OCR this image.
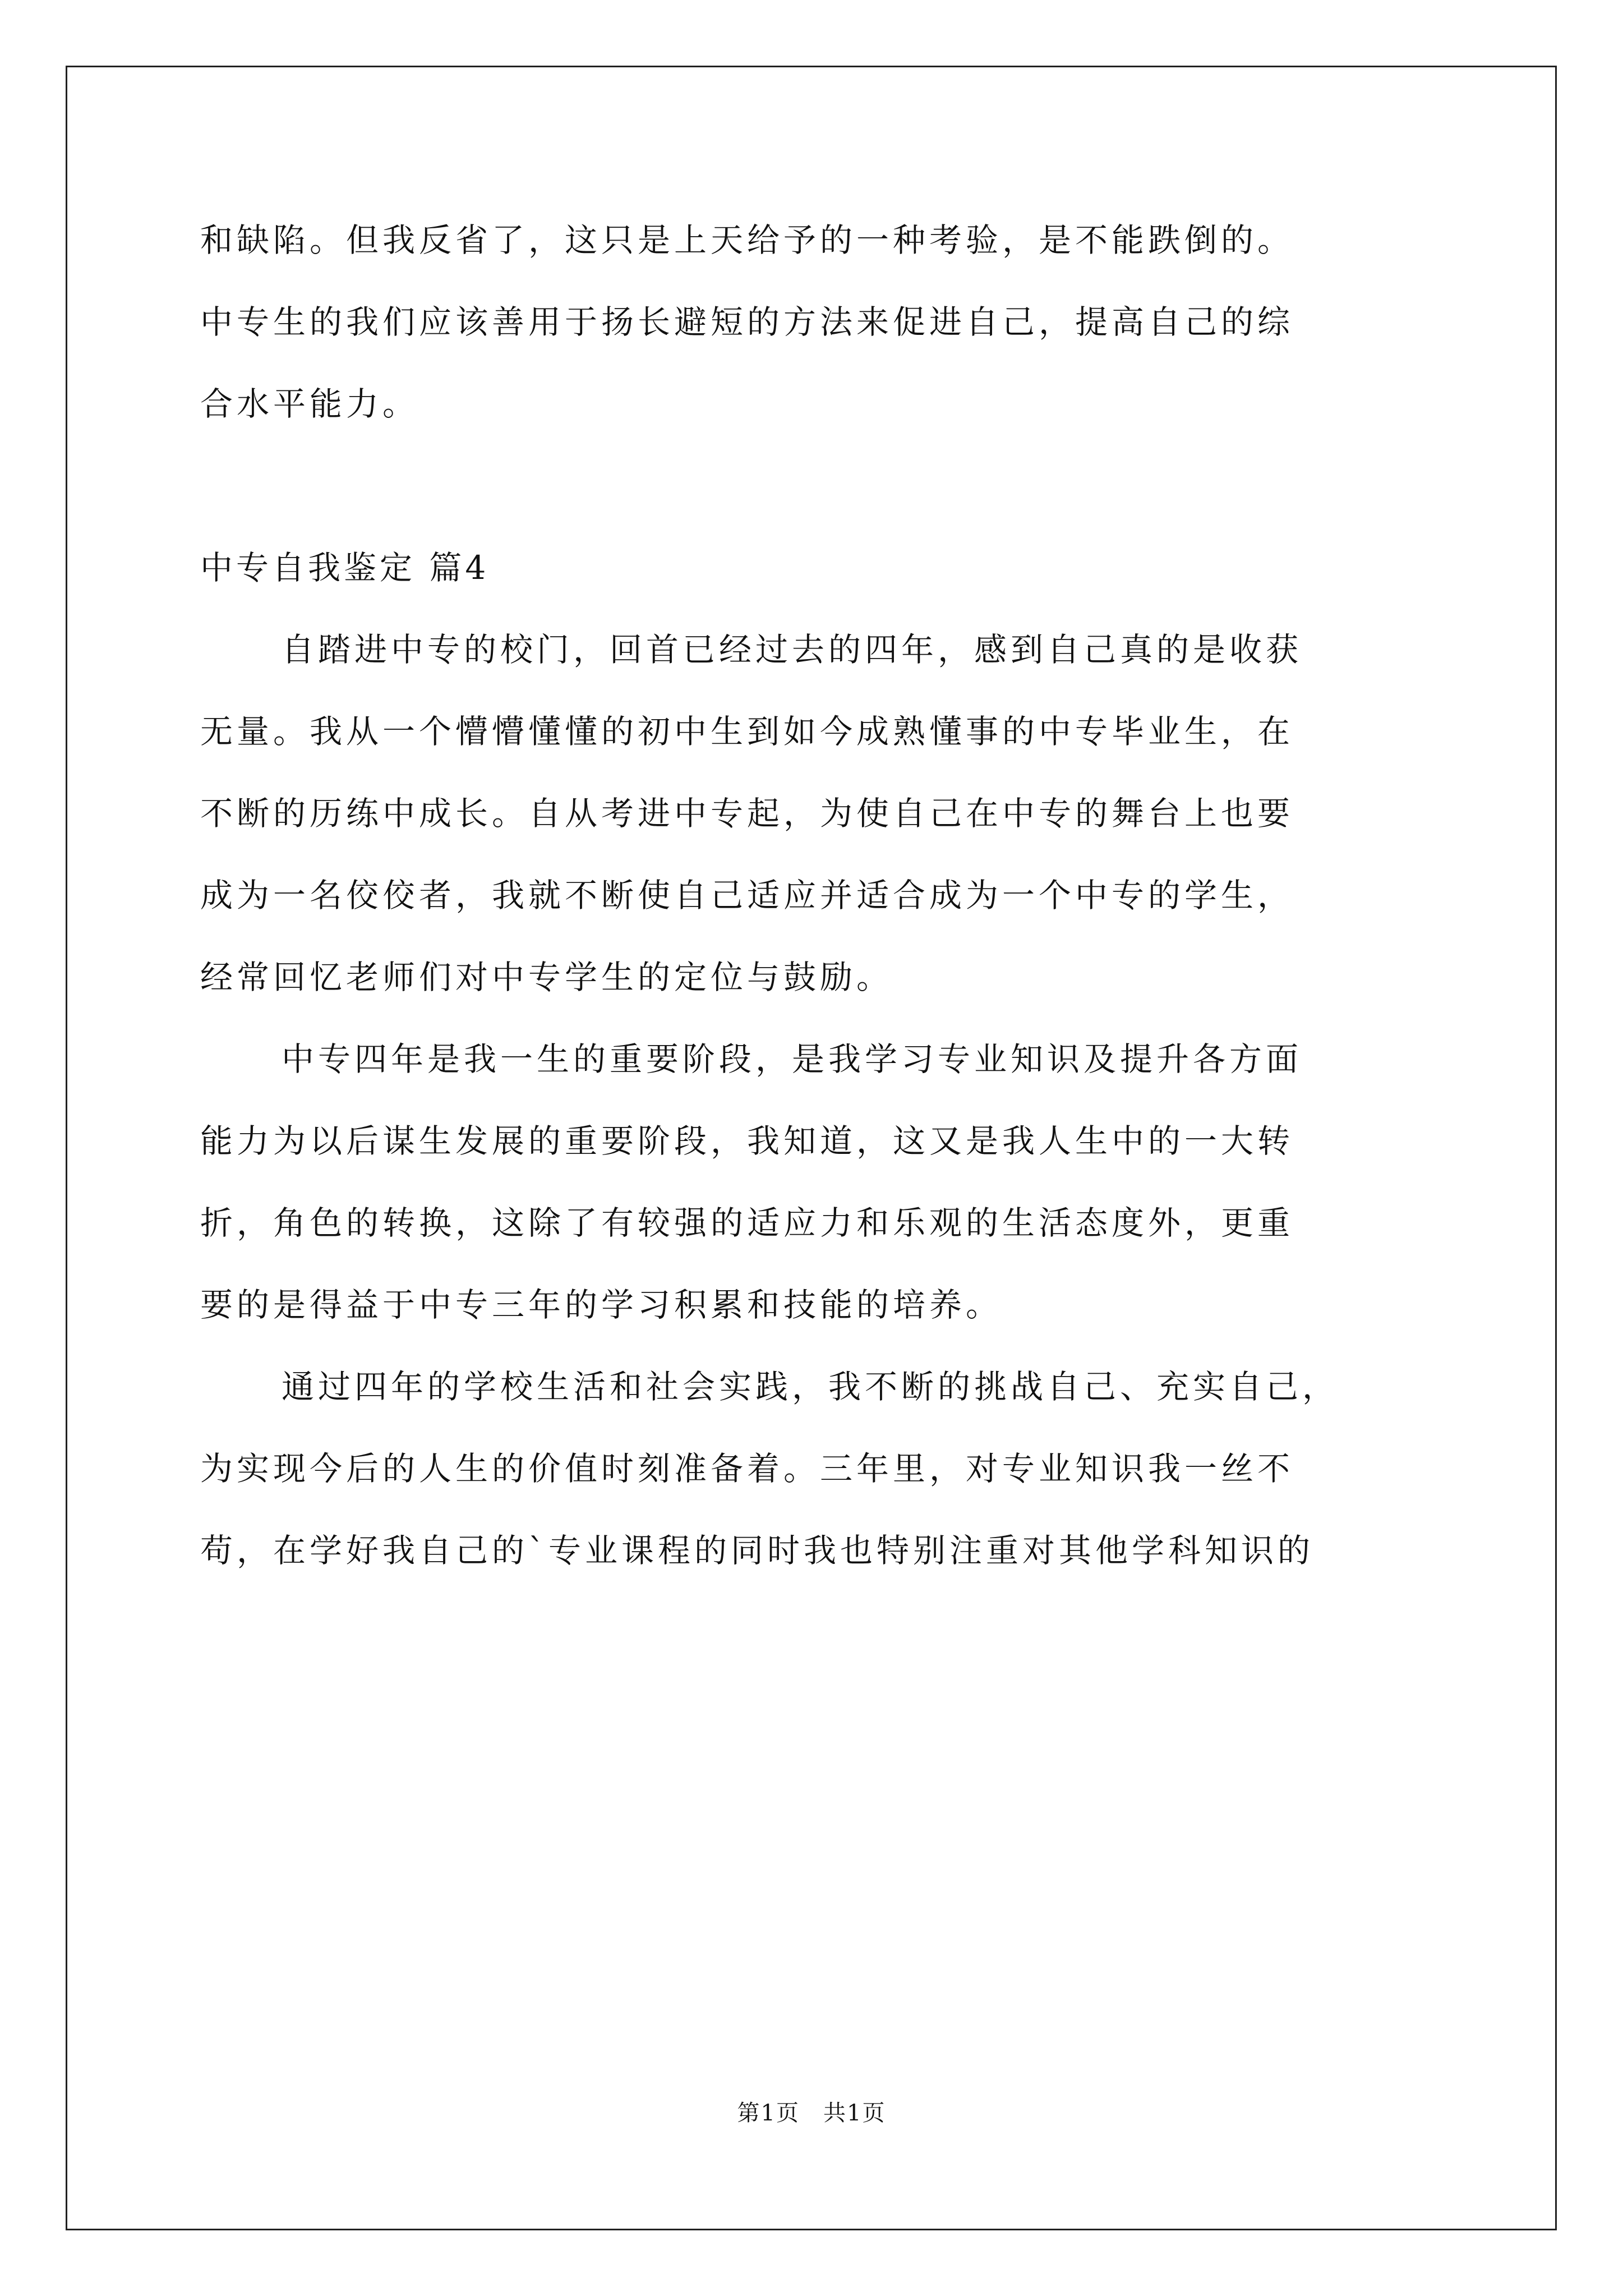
和缺陷。但我反省了，这只是上天给予的一种考验，是不能跌倒的。
中专生的我们应该善用于扬长避短的方法来促进自己，提高自己的综
合水平能力。
中专自我鉴定 篇4
自踏进中专的校门，回首已经过去的四年，感到自己真的是收获
无量。我从一个懵懵懂懂的初中生到如今成熟懂事的中专毕业生，在
不断的历练中成长。自从考进中专起，为使自己在中专的舞台上也要
成为一名佼佼者，我就不断使自己适应并适合成为一个中专的学生，
经常回忆老师们对中专学生的定位与鼓励。
中专四年是我一生的重要阶段，是我学习专业知识及提升各方面
能力为以后谋生发展的重要阶段，我知道，这又是我人生中的一大转
折，角色的转换，这除了有较强的适应力和乐观的生活态度外，更重
要的是得益于中专三年的学习积累和技能的培养。
通过四年的学校生活和社会实践，我不断的挑战自己、充实自己，
为实现今后的人生的价值时刻准备着。三年里，对专业知识我一丝不
苟，在学好我自己的`专业课程的同时我也特别注重对其他学科知识的
第1页　共1页
